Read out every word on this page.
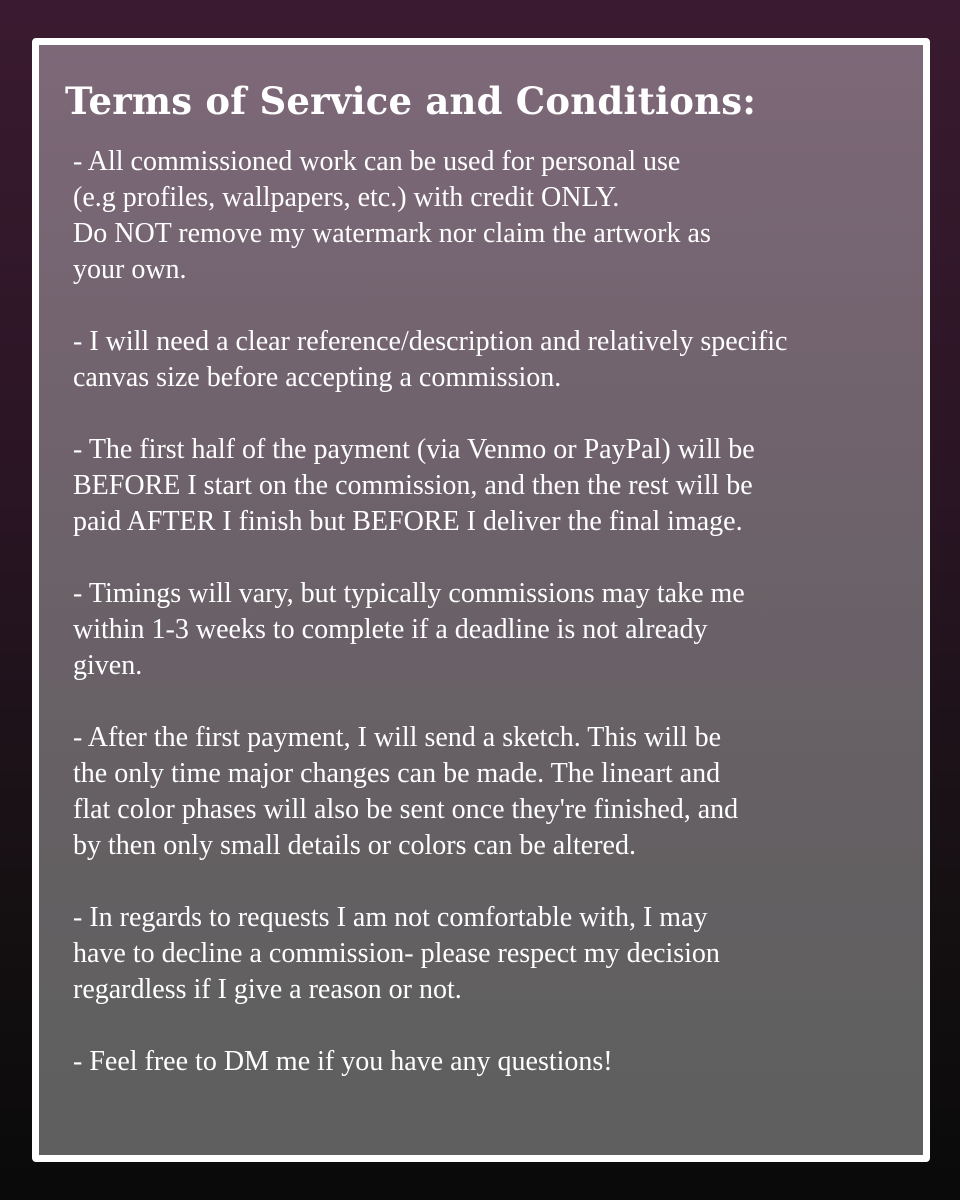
Terms of Service and Conditions:
- All commissioned work can be used for personal use
(e.g profiles, wallpapers, etc.) with credit ONLY.
Do NOT remove my watermark nor claim the artwork as
your own.
- I will need a clear reference/description and relatively specific
canvas size before accepting a commission.
- The first half of the payment (via Venmo or PayPal) will be
BEFORE I start on the commission, and then the rest will be
paid AFTER I finish but BEFORE I deliver the final image.
- Timings will vary, but typically commissions may take me
within 1-3 weeks to complete if a deadline is not already
given.
- After the first payment, I will send a sketch. This will be
the only time major changes can be made. The lineart and
flat color phases will also be sent once they're finished, and
by then only small details or colors can be altered.
- In regards to requests I am not comfortable with, I may
have to decline a commission- please respect my decision
regardless if I give a reason or not.
- Feel free to DM me if you have any questions!
